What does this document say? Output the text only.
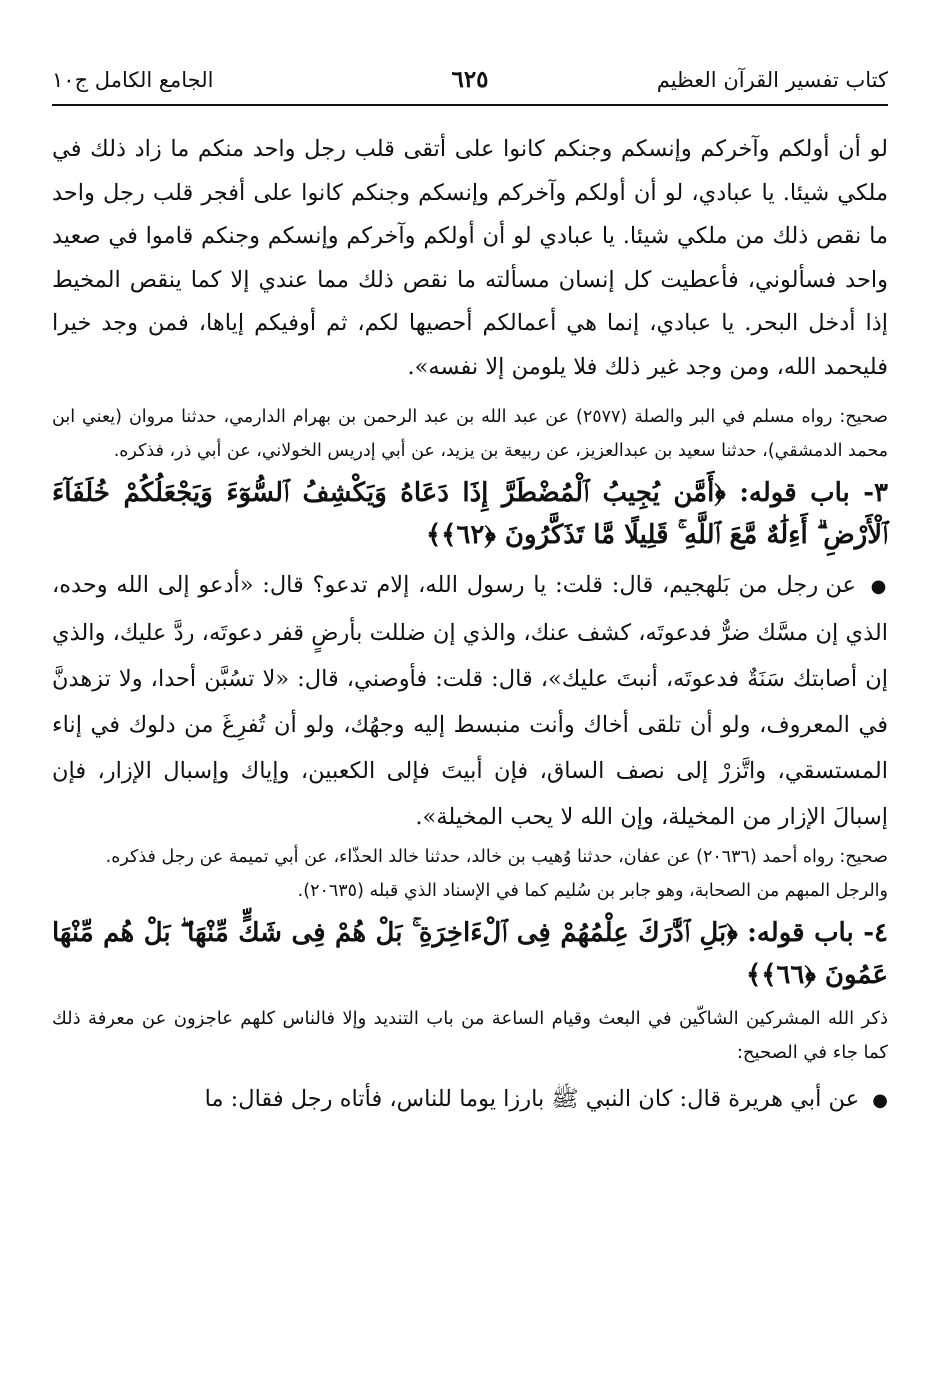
كتاب تفسير القرآن العظيم
٦٢٥
الجامع الكامل ج١٠

لو أن أولكم وآخركم وإنسكم وجنكم كانوا على أتقى قلب رجل واحد منكم ما زاد ذلك في ملكي شيئا. يا عبادي، لو أن أولكم وآخركم وإنسكم وجنكم كانوا على أفجر قلب رجل واحد ما نقص ذلك من ملكي شيئا. يا عبادي لو أن أولكم وآخركم وإنسكم وجنكم قاموا في صعيد واحد فسألوني، فأعطيت كل إنسان مسألته ما نقص ذلك مما عندي إلا كما ينقص المخيط إذا أدخل البحر. يا عبادي، إنما هي أعمالكم أحصيها لكم، ثم أوفيكم إياها، فمن وجد خيرا فليحمد الله، ومن وجد غير ذلك فلا يلومن إلا نفسه».

صحيح: رواه مسلم في البر والصلة (٢٥٧٧) عن عبد الله بن عبد الرحمن بن بهرام الدارمي، حدثنا مروان (يعني ابن محمد الدمشقي)، حدثنا سعيد بن عبدالعزيز، عن ربيعة بن يزيد، عن أبي إدريس الخولاني، عن أبي ذر، فذكره.

٣- باب قوله: ﴿أَمَّن يُجِيبُ ٱلْمُضْطَرَّ إِذَا دَعَاهُ وَيَكْشِفُ ٱلسُّوٓءَ وَيَجْعَلُكُمْ خُلَفَآءَ ٱلْأَرْضِ ۗ أَءِلَٰهٌ مَّعَ ٱللَّهِ ۚ قَلِيلًا مَّا تَذَكَّرُونَ ﴿٦٢﴾﴾

● عن رجل من بَلهجيم، قال: قلت: يا رسول الله، إلام تدعو؟ قال: «أدعو إلى الله وحده، الذي إن مسَّك ضرٌّ فدعوتَه، كشف عنك، والذي إن ضللت بأرضٍ قفر دعوتَه، ردَّ عليك، والذي إن أصابتك سَنَةٌ فدعوتَه، أنبتَ عليك»، قال: قلت: فأوصني، قال: «لا تسُبَّن أحدا، ولا تزهدنَّ في المعروف، ولو أن تلقى أخاك وأنت منبسط إليه وجهُك، ولو أن تُفرِغَ من دلوك في إناء المستسقي، واتَّزرْ إلى نصف الساق، فإن أبيتَ فإلى الكعبين، وإياك وإسبال الإزار، فإن إسبالَ الإزار من المخيلة، وإن الله لا يحب المخيلة».

صحيح: رواه أحمد (٢٠٦٣٦) عن عفان، حدثنا وُهيب بن خالد، حدثنا خالد الحذّاء، عن أبي تميمة عن رجل فذكره.

والرجل المبهم من الصحابة، وهو جابر بن سُليم كما في الإسناد الذي قبله (٢٠٦٣٥).

٤- باب قوله: ﴿بَلِ ٱدَّٰرَكَ عِلْمُهُمْ فِى ٱلْءَاخِرَةِ ۚ بَلْ هُمْ فِى شَكٍّ مِّنْهَا ۖ بَلْ هُم مِّنْهَا عَمُونَ ﴿٦٦﴾﴾

ذكر الله المشركين الشاكّين في البعث وقيام الساعة من باب التنديد وإلا فالناس كلهم عاجزون عن معرفة ذلك كما جاء في الصحيح:

● عن أبي هريرة قال: كان النبي ﷺ بارزا يوما للناس، فأتاه رجل فقال: ما
